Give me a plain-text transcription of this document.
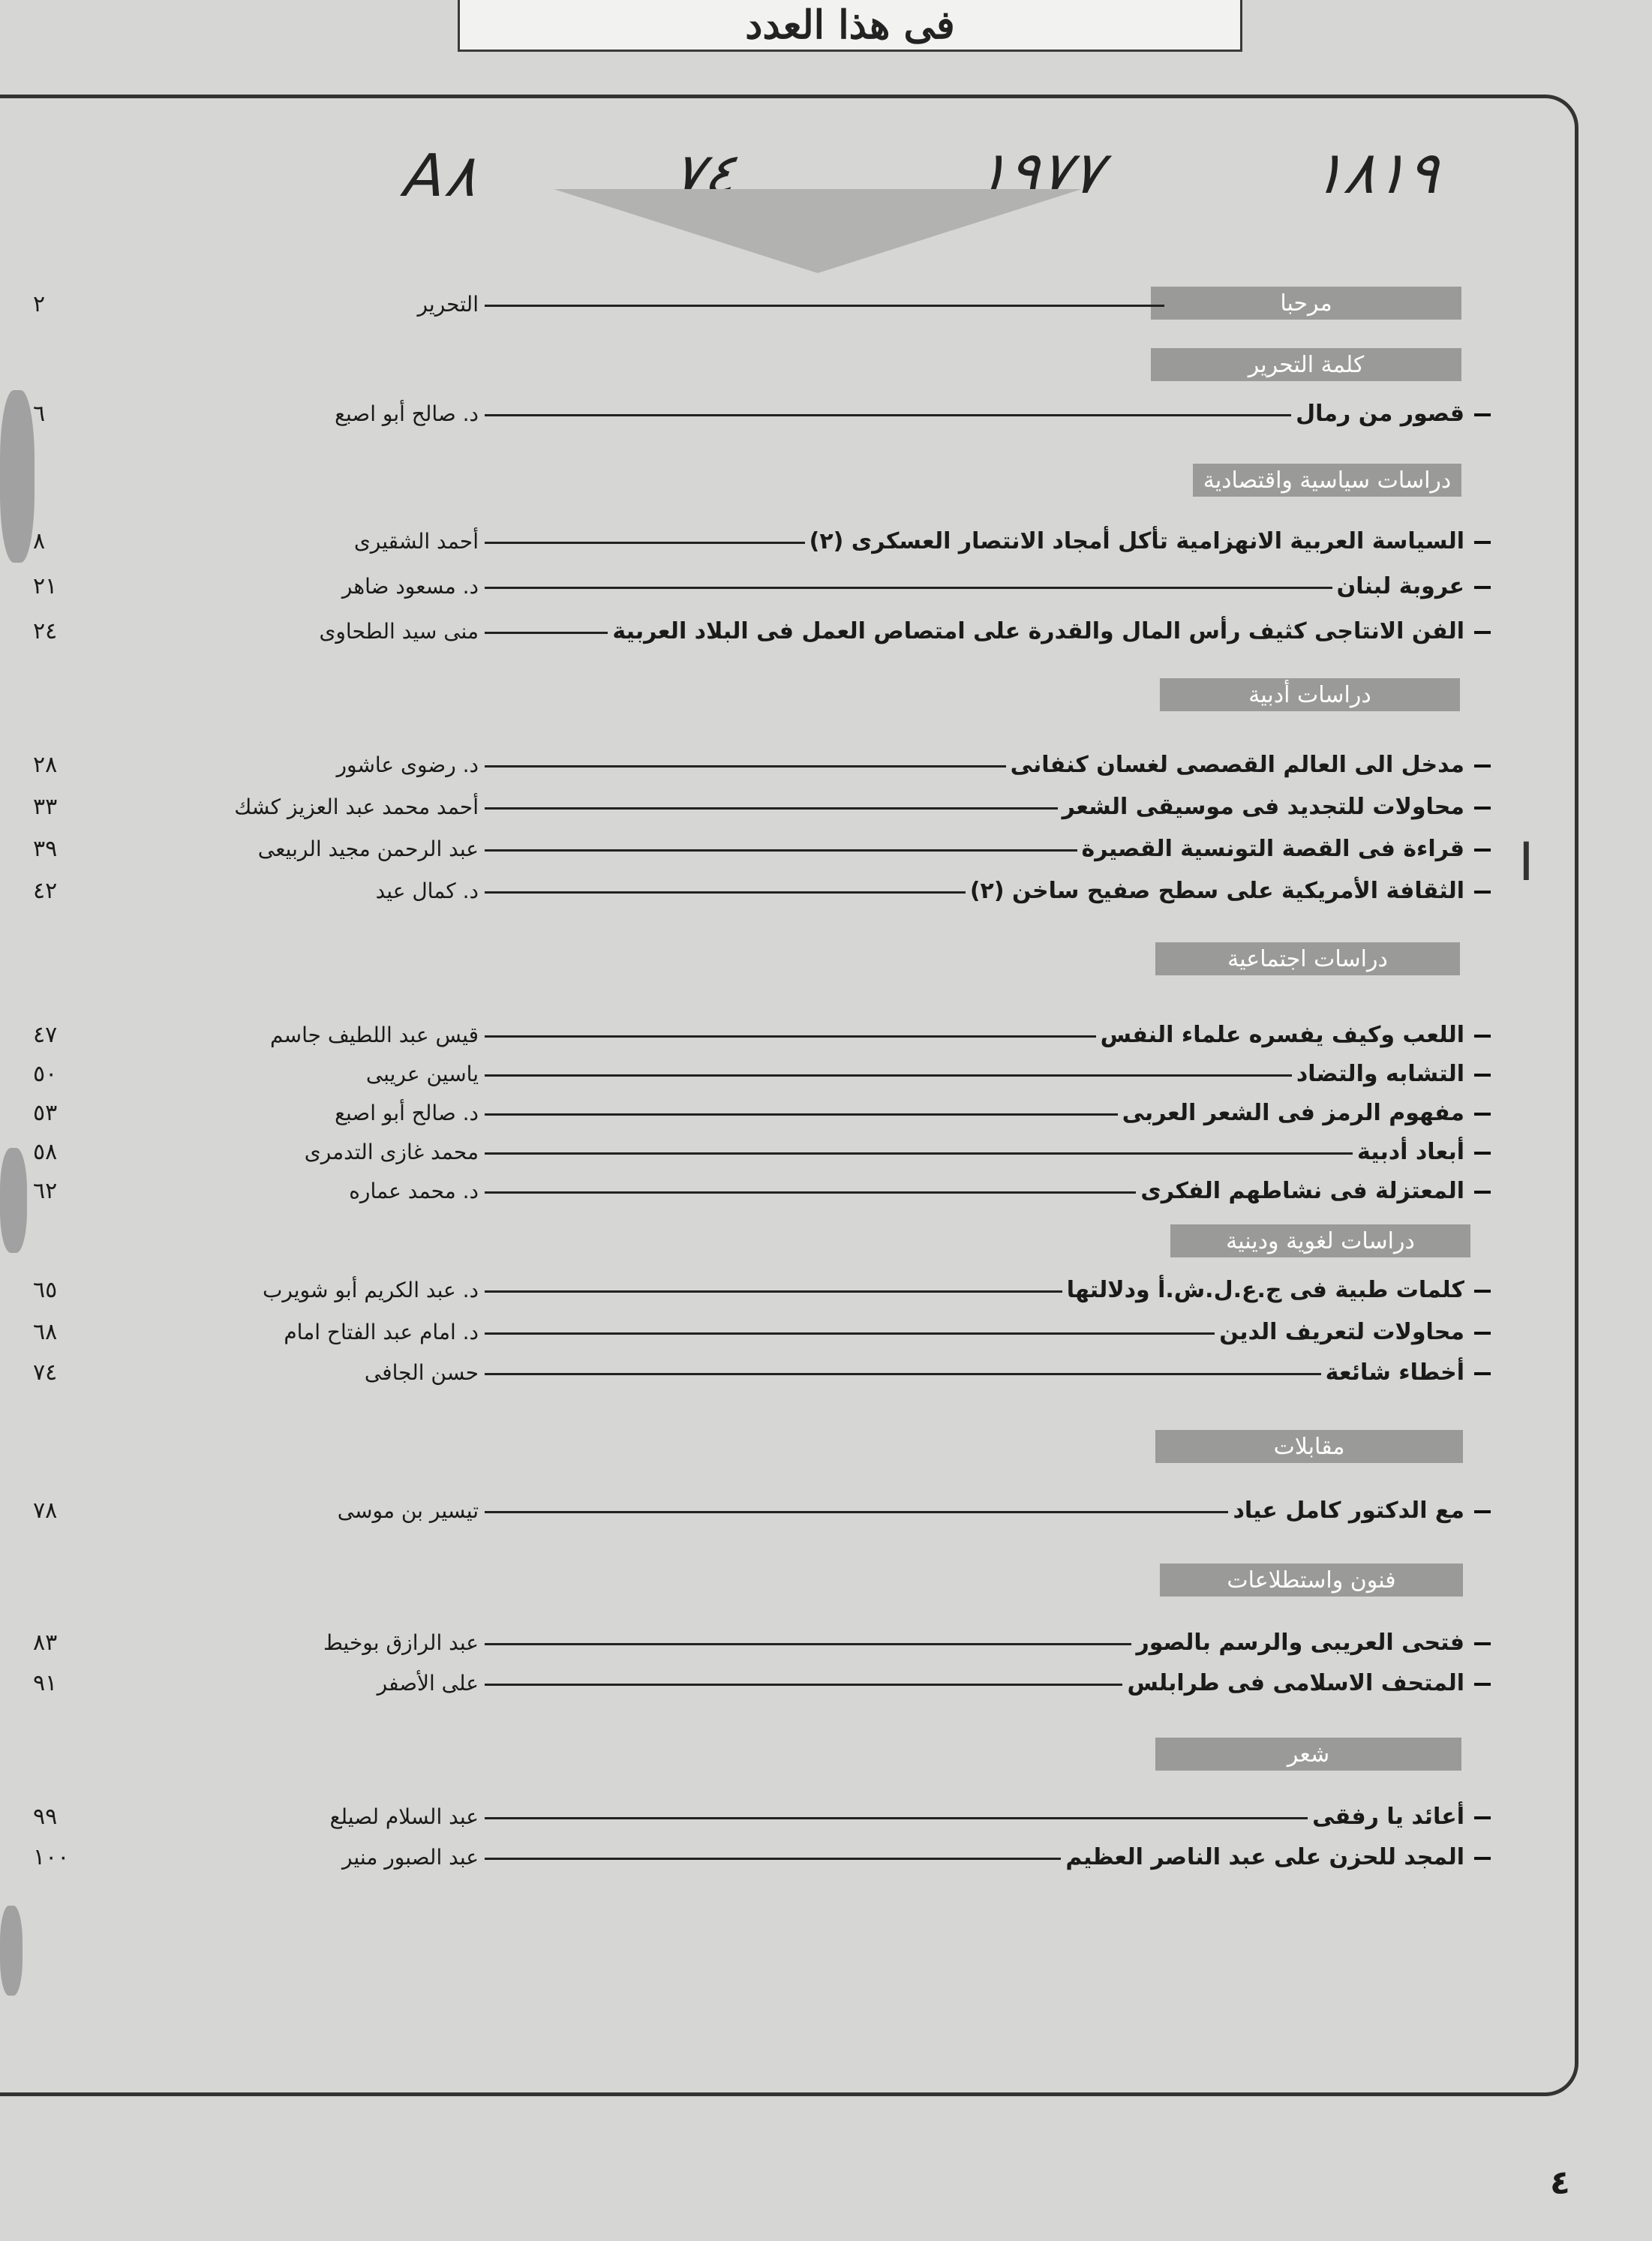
فى هذا العدد
١٨١٩
١٩٧٧
٧٤
A٨
مرحبا
التحرير
٢
كلمة التحرير
قصور من رمال
د. صالح أبو اصبع
٦
دراسات سياسية واقتصادية
السياسة العربية الانهزامية تأكل أمجاد الانتصار العسكرى (٢)
أحمد الشقيرى
٨
عروبة لبنان
د. مسعود ضاهر
٢١
الفن الانتاجى كثيف رأس المال والقدرة على امتصاص العمل فى البلاد العربية
منى سيد الطحاوى
٢٤
دراسات أدبية
مدخل الى العالم القصصى لغسان كنفانى
د. رضوى عاشور
٢٨
محاولات للتجديد فى موسيقى الشعر
أحمد محمد عبد العزيز كشك
٣٣
قراءة فى القصة التونسية القصيرة
عبد الرحمن مجيد الربيعى
٣٩
الثقافة الأمريكية على سطح صفيح ساخن (٢)
د. كمال عيد
٤٢
دراسات اجتماعية
اللعب وكيف يفسره علماء النفس
قيس عبد اللطيف جاسم
٤٧
التشابه والتضاد
ياسين عريبى
٥٠
مفهوم الرمز فى الشعر العربى
د. صالح أبو اصبع
٥٣
أبعاد أدبية
محمد غازى التدمرى
٥٨
المعتزلة فى نشاطهم الفكرى
د. محمد عماره
٦٢
دراسات لغوية ودينية
كلمات طبية فى ج.ع.ل.ش.أ ودلالتها
د. عبد الكريم أبو شويرب
٦٥
محاولات لتعريف الدين
د. امام عبد الفتاح امام
٦٨
أخطاء شائعة
حسن الجافى
٧٤
مقابلات
مع الدكتور كامل عياد
تيسير بن موسى
٧٨
فنون واستطلاعات
فتحى العريبى والرسم بالصور
عبد الرازق بوخيط
٨٣
المتحف الاسلامى فى طرابلس
على الأصفر
٩١
شعر
أعائد يا رفقى
عبد السلام لصيلع
٩٩
المجد للحزن على عبد الناصر العظيم
عبد الصبور منير
١٠٠
I
٤
